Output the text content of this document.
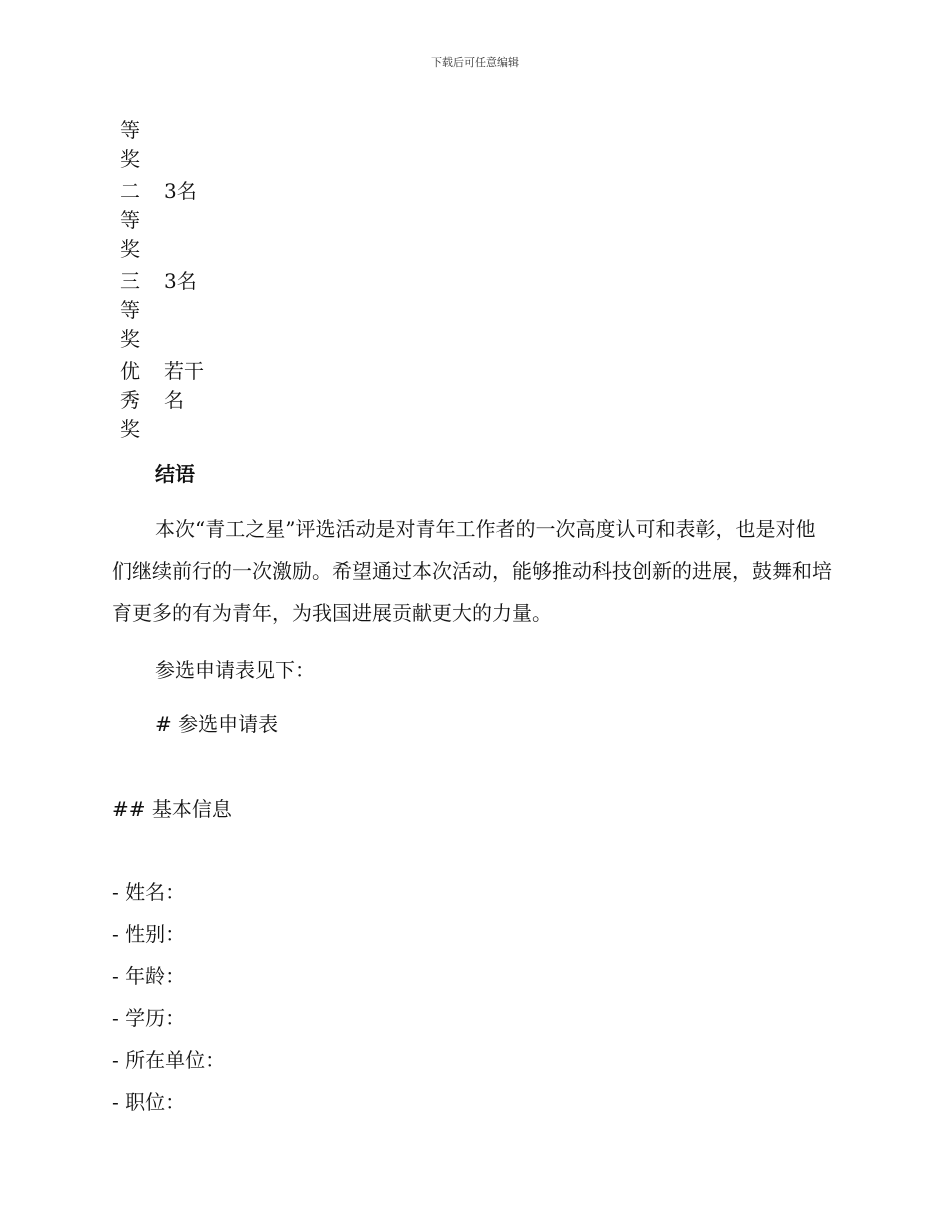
下载后可任意编辑
等
奖
二
等
奖
3名
三
等
奖
3名
优
秀
奖
若干
名
结语
本次“青工之星”评选活动是对青年工作者的一次高度认可和表彰，也是对他们继续前行的一次激励。希望通过本次活动，能够推动科技创新的进展，鼓舞和培育更多的有为青年，为我国进展贡献更大的力量。
参选申请表见下：
# 参选申请表
## 基本信息
- 姓名：
- 性别：
- 年龄：
- 学历：
- 所在单位：
- 职位：
